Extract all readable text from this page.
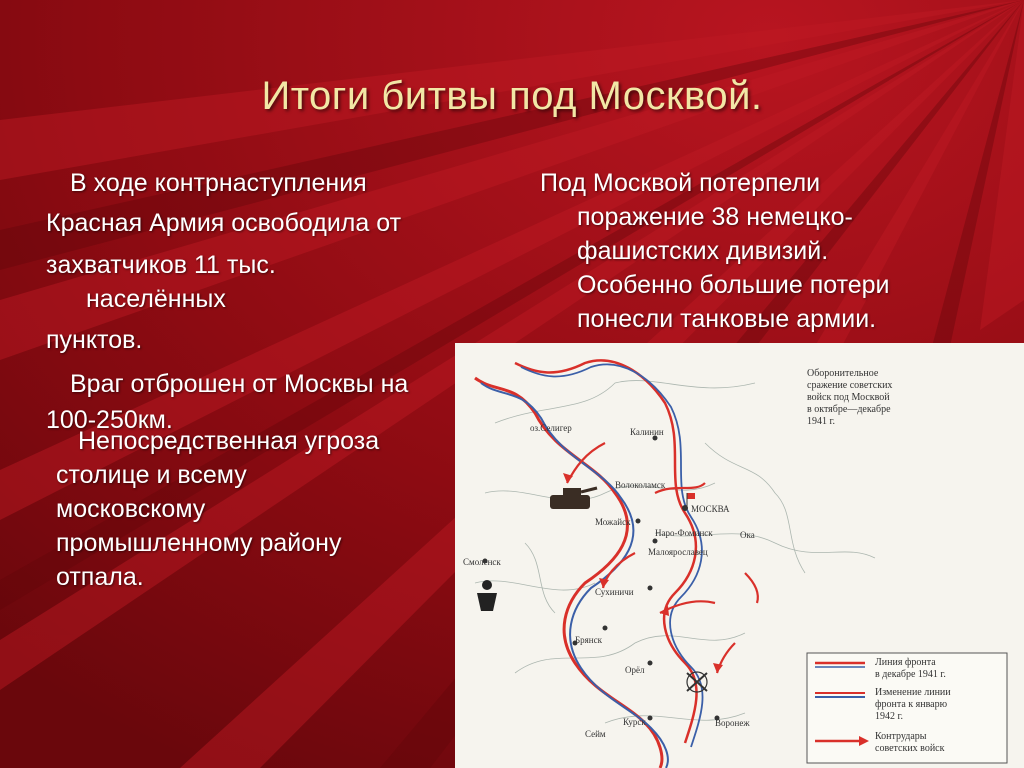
Итоги битвы под Москвой.
В ходе контрнаступления
Красная Армия освободила от
захватчиков 11 тыс.
населённых
пунктов.
Враг отброшен от Москвы на
100-250км.
Под Москвой потерпели
поражение 38 немецко-
фашистских дивизий.
Особенно большие потери
понесли танковые армии.
Непосредственная угроза
столице и всему
московскому
промышленному району
отпала.
Калинин
Волоколамск
МОСКВА
Можайск
Наро-Фоминск
Малоярославец
Сухиничи
Брянск
Орёл
Курск	Воронеж
Смоленск
Сейм
оз.Селигер
Ока
Оборонительное
сражение советских
войск под Москвой
в октябре—декабре
1941 г.
Линия фронта
в декабре 1941 г.
Изменение линии
фронта к январю
1942 г.
Контрудары
советских войск
